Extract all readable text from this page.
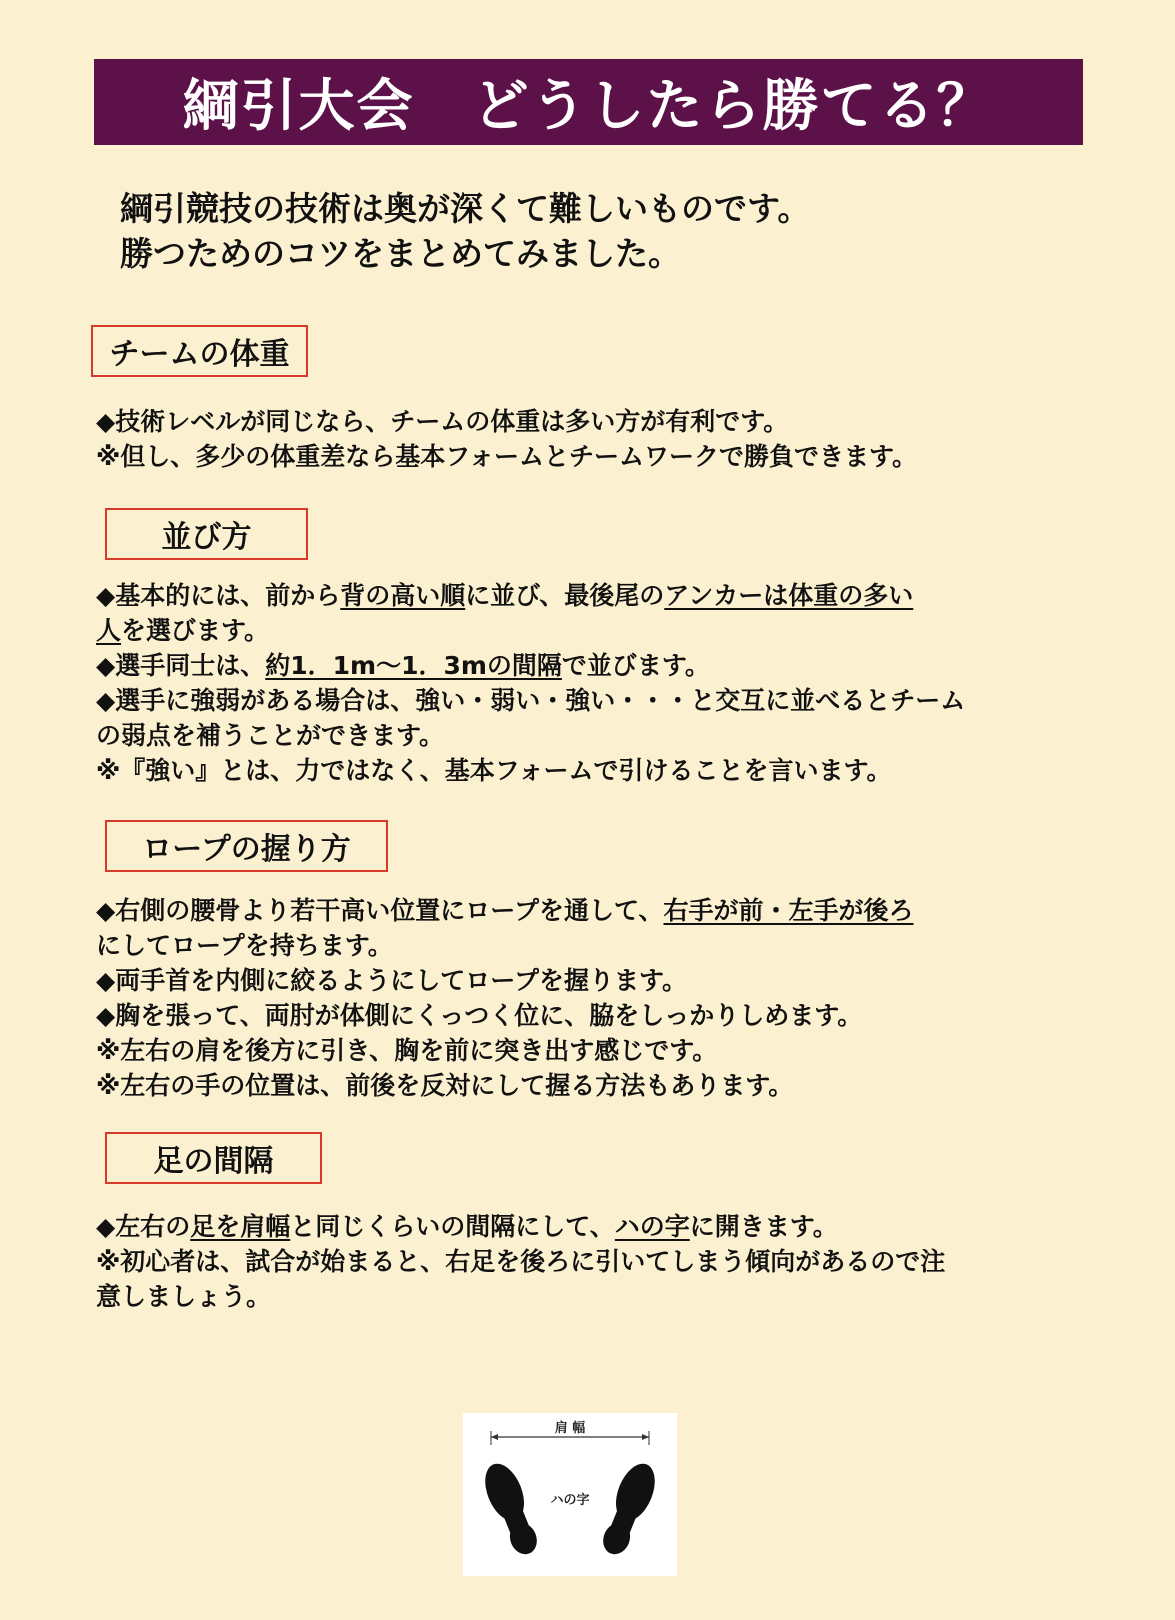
綱引大会　どうしたら勝てる？
綱引競技の技術は奥が深くて難しいものです。
勝つためのコツをまとめてみました。
チームの体重
◆技術レベルが同じなら、チームの体重は多い方が有利です。
※但し、多少の体重差なら基本フォームとチームワークで勝負できます。
並び方
◆基本的には、前から背の高い順に並び、最後尾のアンカーは体重の多い
人を選びます。
◆選手同士は、約1．1m～1．3mの間隔で並びます。
◆選手に強弱がある場合は、強い・弱い・強い・・・と交互に並べるとチーム
の弱点を補うことができます。
※『強い』とは、力ではなく、基本フォームで引けることを言います。
ロープの握り方
◆右側の腰骨より若干高い位置にロープを通して、右手が前・左手が後ろ
にしてロープを持ちます。
◆両手首を内側に絞るようにしてロープを握ります。
◆胸を張って、両肘が体側にくっつく位に、脇をしっかりしめます。
※左右の肩を後方に引き、胸を前に突き出す感じです。
※左右の手の位置は、前後を反対にして握る方法もあります。
足の間隔
◆左右の足を肩幅と同じくらいの間隔にして、ハの字に開きます。
※初心者は、試合が始まると、右足を後ろに引いてしまう傾向があるので注
意しましょう。
肩 幅
ハの字
